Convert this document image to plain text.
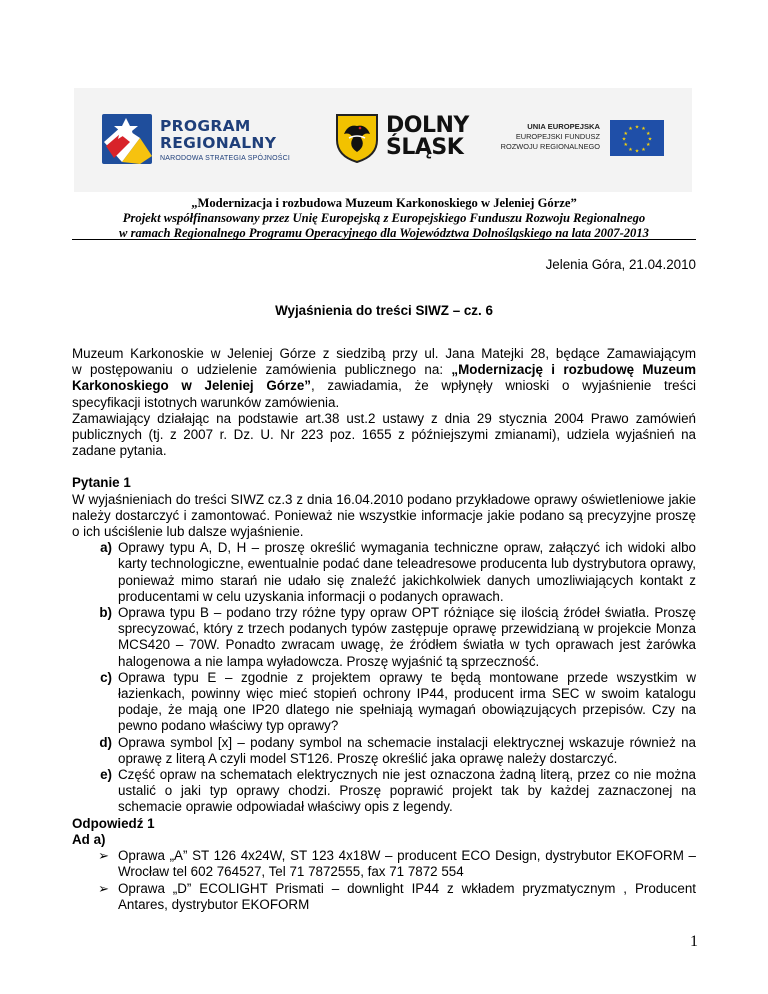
PROGRAM
REGIONALNY
NARODOWA STRATEGIA SPÓJNOŚCI
DOLNY
ŚLĄSK
UNIA EUROPEJSKA
EUROPEJSKI FUNDUSZ
ROZWOJU REGIONALNEGO
★ ★
★
★
★
★
★
★
★
★
★
★
„Modernizacja i rozbudowa Muzeum Karkonoskiego w Jeleniej Górze”
Projekt współfinansowany przez Unię Europejską z Europejskiego Funduszu Rozwoju Regionalnego
w ramach Regionalnego Programu Operacyjnego dla Województwa Dolnośląskiego na lata 2007-2013
Jelenia Góra, 21.04.2010
Wyjaśnienia do treści SIWZ – cz. 6

Muzeum Karkonoskie w Jeleniej Górze z siedzibą przy ul. Jana Matejki 28, będące Zamawiającym
w postępowaniu o udzielenie zamówienia publicznego na: „Modernizację i rozbudowę Muzeum
Karkonoskiego w Jeleniej Górze”, zawiadamia, że wpłynęły wnioski o wyjaśnienie treści
specyfikacji istotnych warunków zamówienia.
Zamawiający działając na podstawie art.38 ust.2 ustawy z dnia 29 stycznia 2004 Prawo zamówień
publicznych (tj. z 2007 r. Dz. U. Nr 223 poz. 1655 z późniejszymi zmianami), udziela wyjaśnień na
zadane pytania.

Pytanie 1

W wyjaśnieniach do treści SIWZ cz.3 z dnia 16.04.2010 podano przykładowe oprawy oświetleniowe jakie należy dostarczyć i zamontować. Ponieważ nie wszystkie informacje jakie podano są precyzyjne proszę o ich uściślenie lub dalsze wyjaśnienie.

a) Oprawy typu A, D, H – proszę określić wymagania techniczne opraw, załączyć ich widoki albo karty technologiczne, ewentualnie podać dane teleadresowe producenta lub dystrybutora oprawy, ponieważ mimo starań nie udało się znaleźć jakichkolwiek danych umozliwiających kontakt z producentami w celu uzyskania informacji o podanych oprawach.
b) Oprawa typu B – podano trzy różne typy opraw OPT różniące się ilością źródeł światła. Proszę sprecyzować, który z trzech podanych typów zastępuje oprawę przewidzianą w projekcie Monza MCS420 – 70W. Ponadto zwracam uwagę, że źródłem światła w tych oprawach jest żarówka halogenowa a nie lampa wyładowcza. Proszę wyjaśnić tą sprzeczność.
c) Oprawa typu E – zgodnie z projektem oprawy te będą montowane przede wszystkim w łazienkach, powinny więc mieć stopień ochrony IP44, producent irma SEC w swoim katalogu podaje, że mają one IP20 dlatego nie spełniają wymagań obowiązujących przepisów. Czy na pewno podano właściwy typ oprawy?
d) Oprawa symbol [x] – podany symbol na schemacie instalacji elektrycznej wskazuje również na oprawę z literą A czyli model ST126. Proszę określić jaka oprawę należy dostarczyć.
e) Część opraw na schematach elektrycznych nie jest oznaczona żadną literą, przez co nie można ustalić o jaki typ oprawy chodzi. Proszę poprawić projekt tak by każdej zaznaczonej na schemacie oprawie odpowiadał właściwy opis z legendy.

Odpowiedź 1

Ad a)

➢ Oprawa „A” ST 126 4x24W, ST 123 4x18W – producent ECO Design, dystrybutor EKOFORM –Wrocław tel 602 764527, Tel 71 7872555, fax 71 7872 554
➢ Oprawa „D” ECOLIGHT Prismati – downlight IP44 z wkładem pryzmatycznym , Producent Antares, dystrybutor EKOFORM
1
